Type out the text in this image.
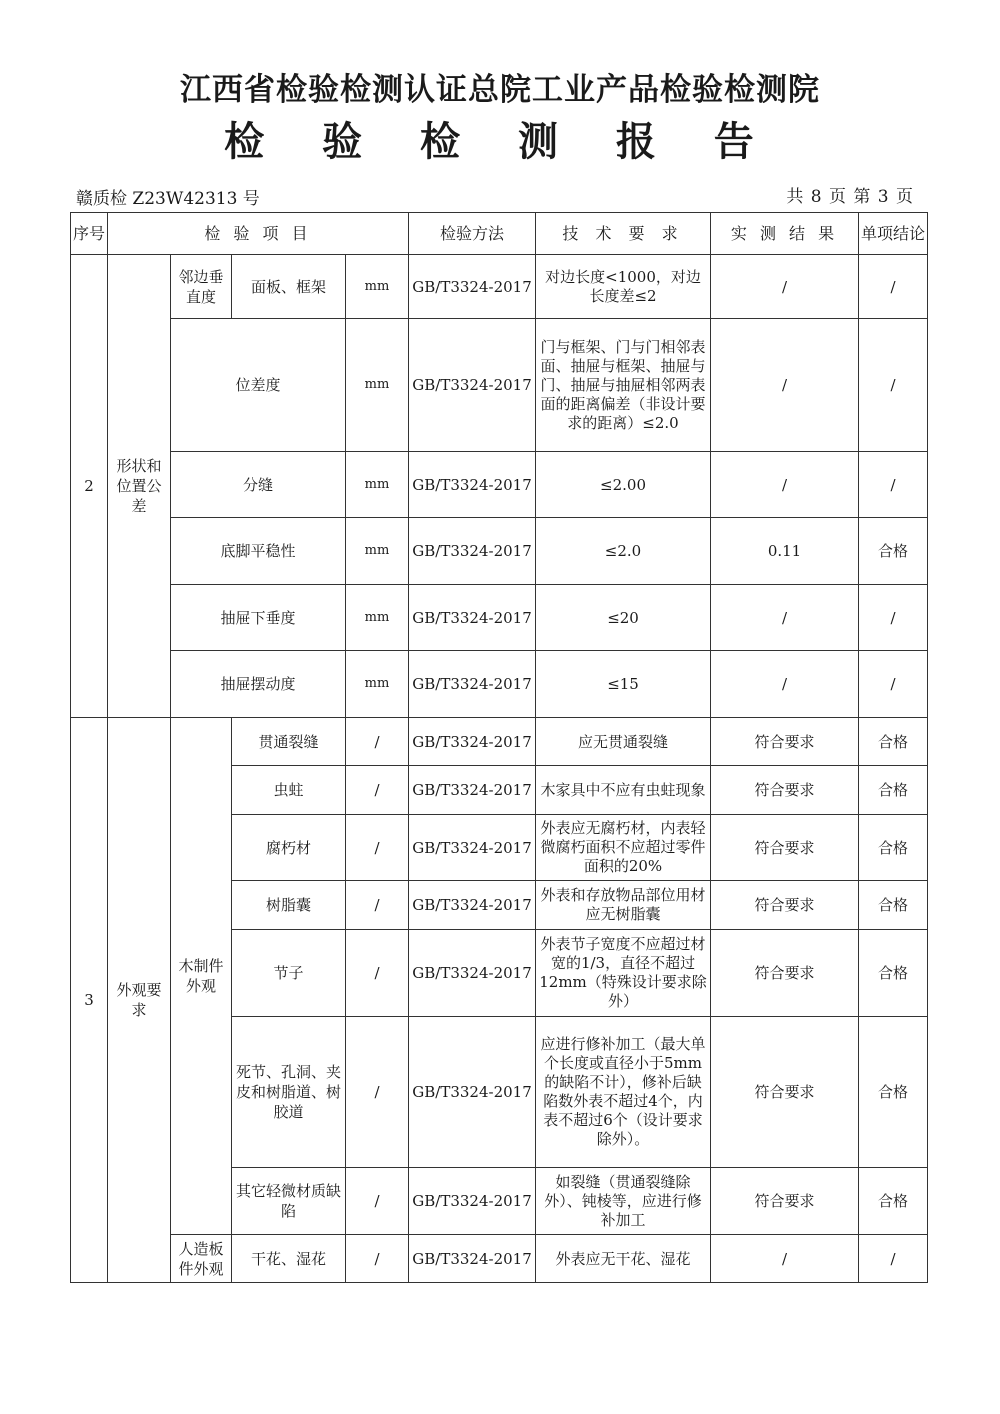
江西省检验检测认证总院工业产品检验检测院
检 验 检 测 报 告
赣质检 Z23W42313 号	共 8 页 第 3 页
序号	检 验 项 目				检验方法	技 术 要 求	实 测 结 果	单项结论
2	形状和位置公差	邻边垂直度	面板、框架	mm	GB/T3324-2017	对边长度<1000，对边长度差≤2	/	/
		位差度		mm	GB/T3324-2017	门与框架、门与门相邻表面、抽屉与框架、抽屉与门、抽屉与抽屉相邻两表面的距离偏差（非设计要求的距离）≤2.0	/	/
		分缝		mm	GB/T3324-2017	≤2.00	/	/
		底脚平稳性		mm	GB/T3324-2017	≤2.0	0.11	合格
		抽屉下垂度		mm	GB/T3324-2017	≤20	/	/
		抽屉摆动度		mm	GB/T3324-2017	≤15	/	/
3	外观要求	木制件外观	贯通裂缝	/	GB/T3324-2017	应无贯通裂缝	符合要求	合格
			虫蛀	/	GB/T3324-2017	木家具中不应有虫蛀现象	符合要求	合格
			腐朽材	/	GB/T3324-2017	外表应无腐朽材，内表轻微腐朽面积不应超过零件面积的20%	符合要求	合格
			树脂囊	/	GB/T3324-2017	外表和存放物品部位用材应无树脂囊	符合要求	合格
			节子	/	GB/T3324-2017	外表节子宽度不应超过材宽的1/3，直径不超过12mm（特殊设计要求除外）	符合要求	合格
			死节、孔洞、夹皮和树脂道、树胶道	/	GB/T3324-2017	应进行修补加工（最大单个长度或直径小于5mm的缺陷不计），修补后缺陷数外表不超过4个，内表不超过6个（设计要求除外）。	符合要求	合格
			其它轻微材质缺陷	/	GB/T3324-2017	如裂缝（贯通裂缝除外）、钝棱等，应进行修补加工	符合要求	合格
		人造板件外观	干花、湿花	/	GB/T3324-2017	外表应无干花、湿花	/	/
